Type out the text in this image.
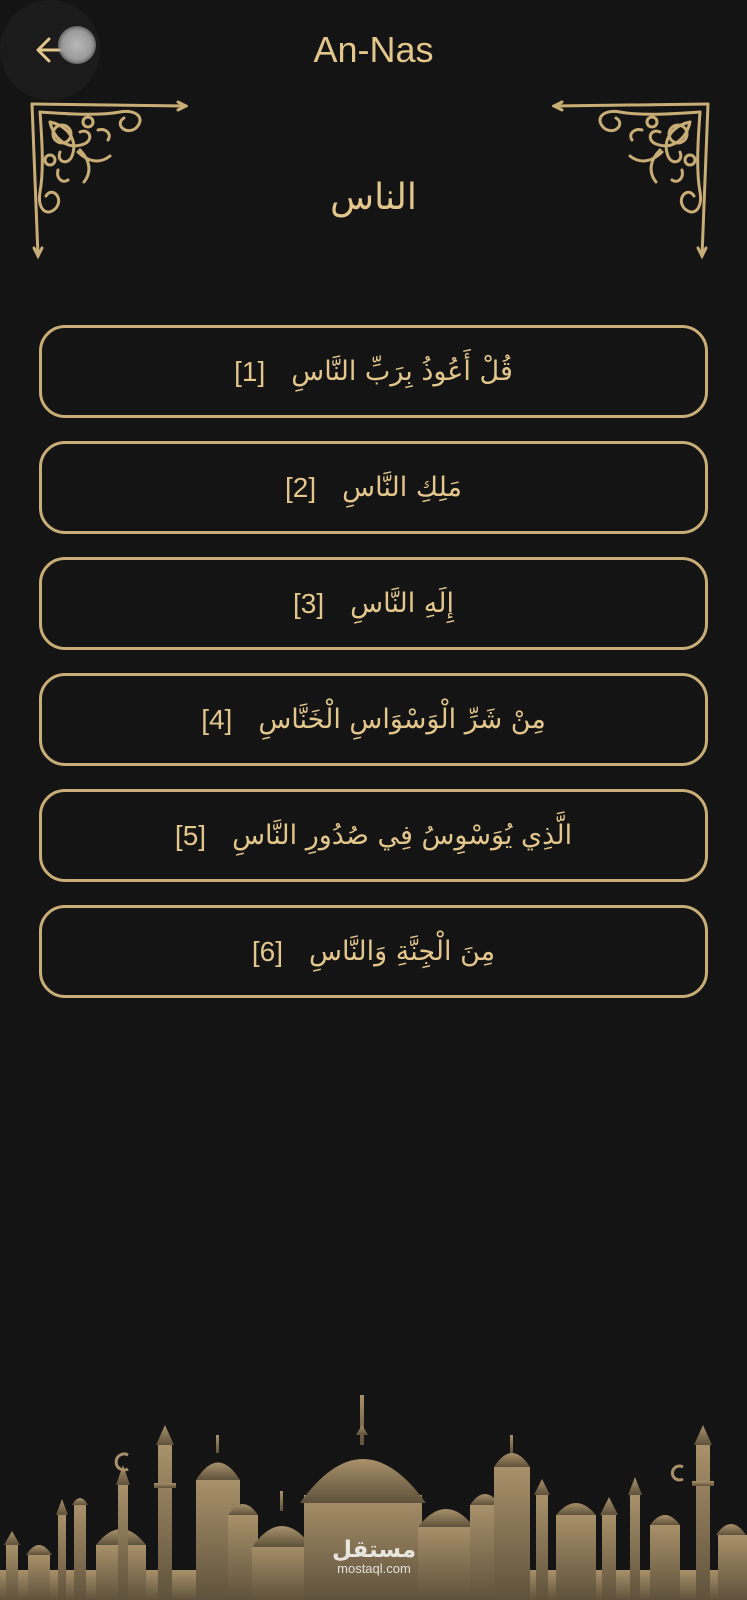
An-Nas
الناس
قُلْ أَعُوذُ بِرَبِّ النَّاسِ
[1]
مَلِكِ النَّاسِ
[2]
إِلَهِ النَّاسِ
[3]
مِنْ شَرِّ الْوَسْوَاسِ الْخَنَّاسِ
[4]
الَّذِي يُوَسْوِسُ فِي صُدُورِ النَّاسِ
[5]
مِنَ الْجِنَّةِ وَالنَّاسِ
[6]
مستقل
mostaql.com
